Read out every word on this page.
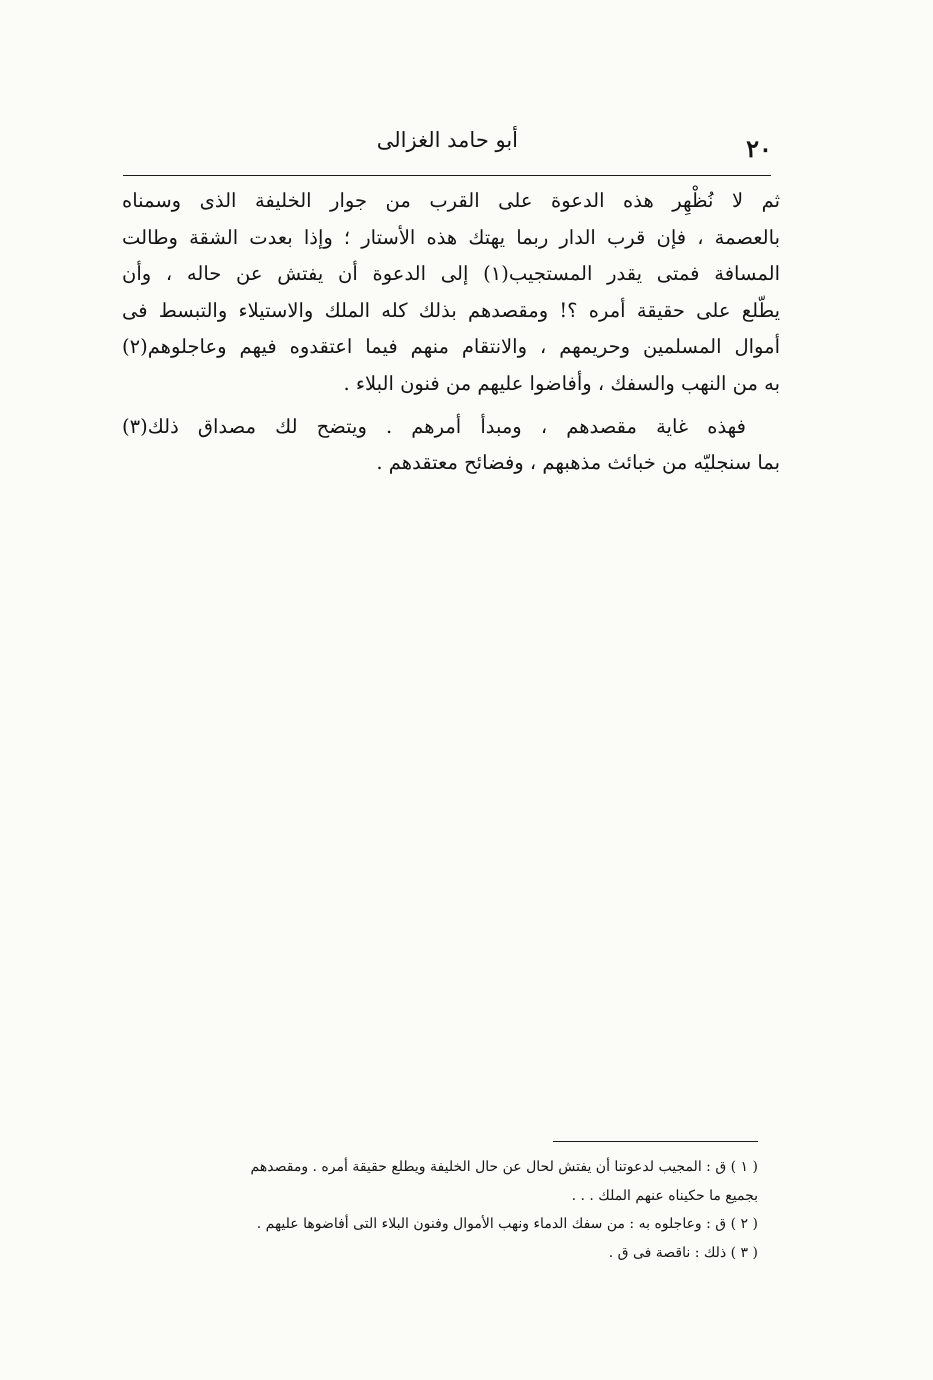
أبو حامد الغزالى	٢٠
ثم لا نُظْهِر هذه الدعوة على القرب من جوار الخليفة الذى وسمناه
بالعصمة ، فإن قرب الدار ربما يهتك هذه الأستار ؛ وإذا بعدت الشقة وطالت
المسافة فمتى يقدر المستجيب(١) إلى الدعوة أن يفتش عن حاله ، وأن
يطّلع على حقيقة أمره ؟! ومقصدهم بذلك كله الملك والاستيلاء والتبسط فى
أموال المسلمين وحريمهم ، والانتقام منهم فيما اعتقدوه فيهم وعاجلوهم(٢)
به من النهب والسفك ، وأفاضوا عليهم من فنون البلاء .
فهذه غاية مقصدهم ، ومبدأ أمرهم . ويتضح لك مصداق ذلك(٣)
بما سنجليّه من خبائث مذهبهم ، وفضائح معتقدهم .
( ١ ) ق : المجيب لدعوتنا أن يفتش لحال عن حال الخليفة ويطلع حقيقة أمره . ومقصدهم
بجميع ما حكيناه عنهم الملك . . .
( ٢ ) ق : وعاجلوه به : من سفك الدماء ونهب الأموال وفنون البلاء التى أفاضوها عليهم .
( ٣ ) ذلك : ناقصة فى ق .
